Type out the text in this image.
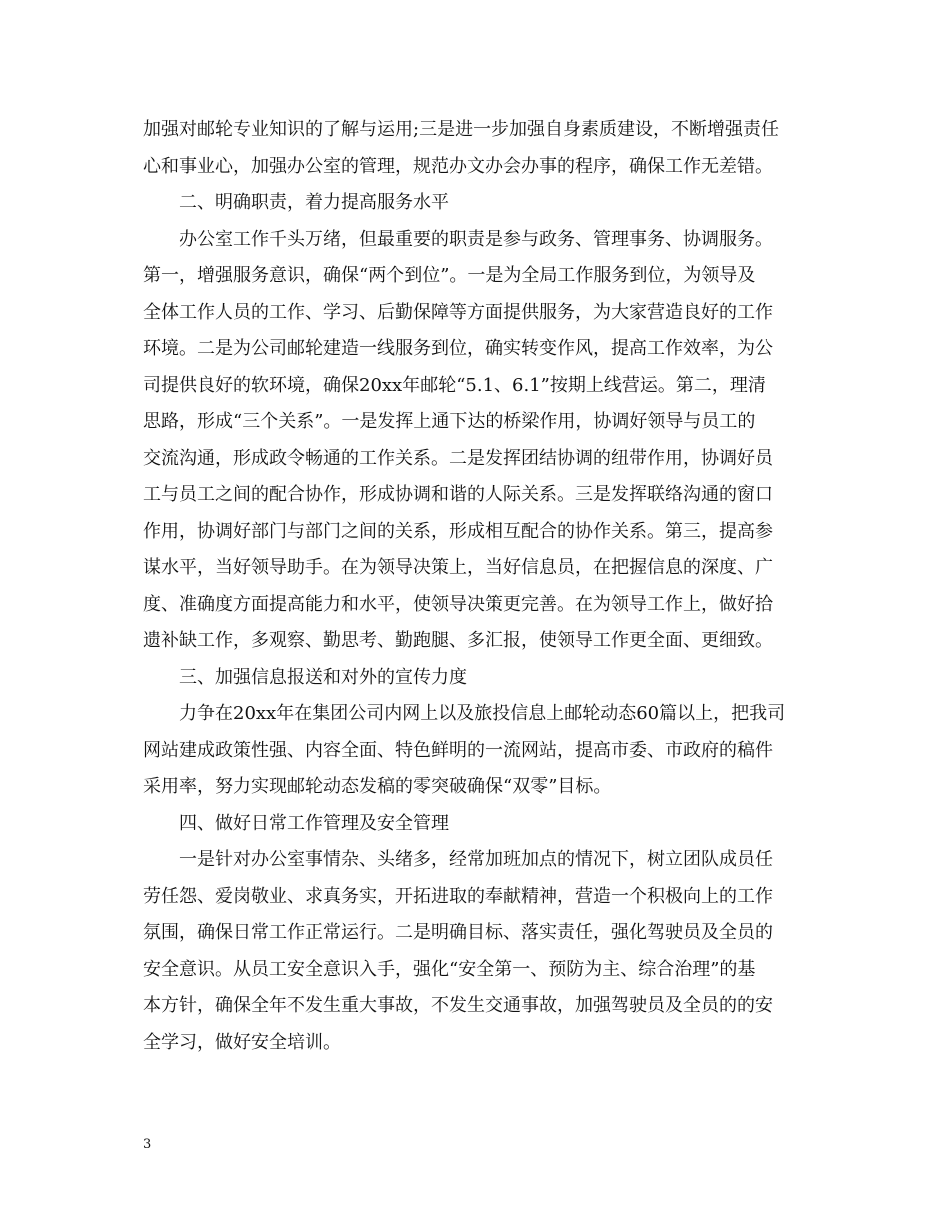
加强对邮轮专业知识的了解与运用;三是进一步加强自身素质建设，不断增强责任
心和事业心，加强办公室的管理，规范办文办会办事的程序，确保工作无差错。
二、明确职责，着力提高服务水平
办公室工作千头万绪，但最重要的职责是参与政务、管理事务、协调服务。
第一，增强服务意识，确保“两个到位”。一是为全局工作服务到位，为领导及
全体工作人员的工作、学习、后勤保障等方面提供服务，为大家营造良好的工作
环境。二是为公司邮轮建造一线服务到位，确实转变作风，提高工作效率，为公
司提供良好的软环境，确保20xx年邮轮“5.1、6.1”按期上线营运。第二，理清
思路，形成“三个关系”。一是发挥上通下达的桥梁作用，协调好领导与员工的
交流沟通，形成政令畅通的工作关系。二是发挥团结协调的纽带作用，协调好员
工与员工之间的配合协作，形成协调和谐的人际关系。三是发挥联络沟通的窗口
作用，协调好部门与部门之间的关系，形成相互配合的协作关系。第三，提高参
谋水平，当好领导助手。在为领导决策上，当好信息员，在把握信息的深度、广
度、准确度方面提高能力和水平，使领导决策更完善。在为领导工作上，做好拾
遗补缺工作，多观察、勤思考、勤跑腿、多汇报，使领导工作更全面、更细致。
三、加强信息报送和对外的宣传力度
力争在20xx年在集团公司内网上以及旅投信息上邮轮动态60篇以上，把我司
网站建成政策性强、内容全面、特色鲜明的一流网站，提高市委、市政府的稿件
采用率，努力实现邮轮动态发稿的零突破确保“双零”目标。
四、做好日常工作管理及安全管理
一是针对办公室事情杂、头绪多，经常加班加点的情况下，树立团队成员任
劳任怨、爱岗敬业、求真务实，开拓进取的奉献精神，营造一个积极向上的工作
氛围，确保日常工作正常运行。二是明确目标、落实责任，强化驾驶员及全员的
安全意识。从员工安全意识入手，强化“安全第一、预防为主、综合治理”的基
本方针，确保全年不发生重大事故，不发生交通事故，加强驾驶员及全员的的安
全学习，做好安全培训。
3
